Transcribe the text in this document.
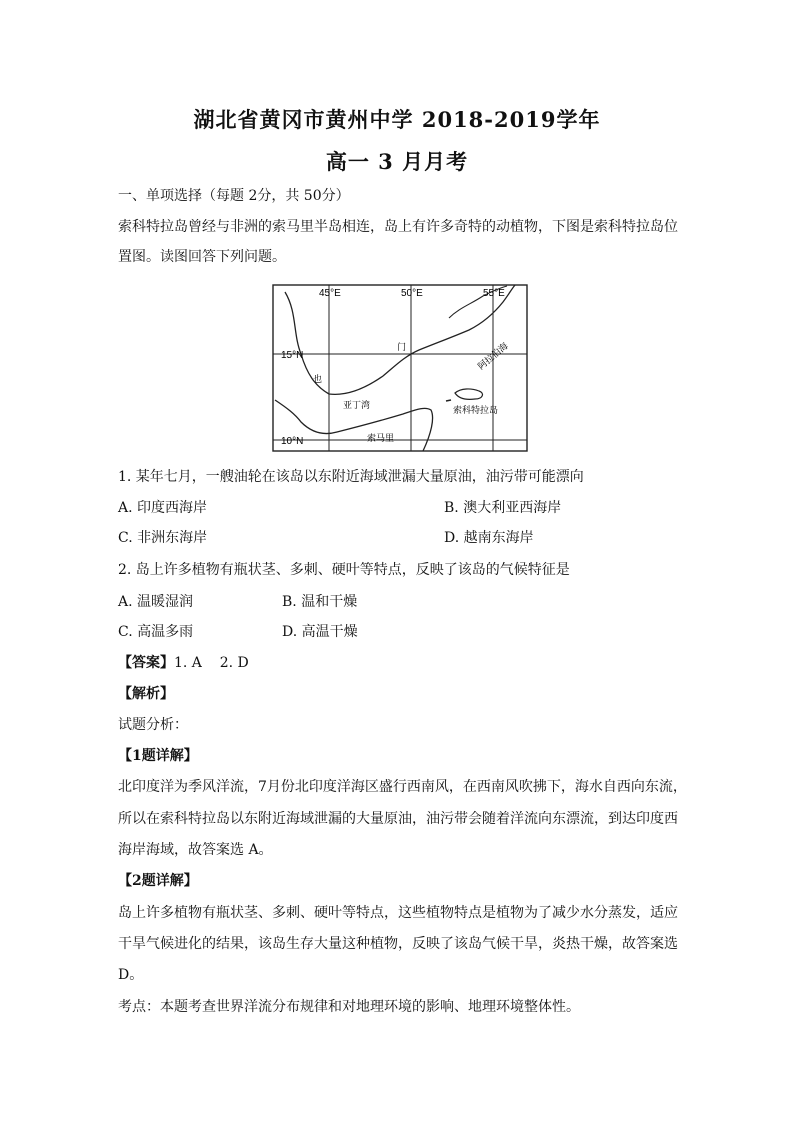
湖北省黄冈市黄州中学 2018-2019学年
高一 3 月月考
一、单项选择（每题 2分，共 50分）
索科特拉岛曾经与非洲的索马里半岛相连，岛上有许多奇特的动植物，下图是索科特拉岛位
置图。读图回答下列问题。
45°E	50°E	55°E
15°N
10°N
门
也
亚丁湾
阿拉伯海
索科特拉岛
索马里
1. 某年七月，一艘油轮在该岛以东附近海域泄漏大量原油，油污带可能漂向
A. 印度西海岸	B. 澳大利亚西海岸
C. 非洲东海岸	D. 越南东海岸
2. 岛上许多植物有瓶状茎、多刺、硬叶等特点，反映了该岛的气候特征是
A. 温暖湿润	B. 温和干燥
C. 高温多雨	D. 高温干燥
【答案】1. A    2. D
【解析】
试题分析：
【1题详解】
北印度洋为季风洋流，7月份北印度洋海区盛行西南风，在西南风吹拂下，海水自西向东流，
所以在索科特拉岛以东附近海域泄漏的大量原油，油污带会随着洋流向东漂流，到达印度西
海岸海域，故答案选 A。
【2题详解】
岛上许多植物有瓶状茎、多刺、硬叶等特点，这些植物特点是植物为了减少水分蒸发，适应
干旱气候进化的结果，该岛生存大量这种植物，反映了该岛气候干旱，炎热干燥，故答案选
D。
考点：本题考查世界洋流分布规律和对地理环境的影响、地理环境整体性。
